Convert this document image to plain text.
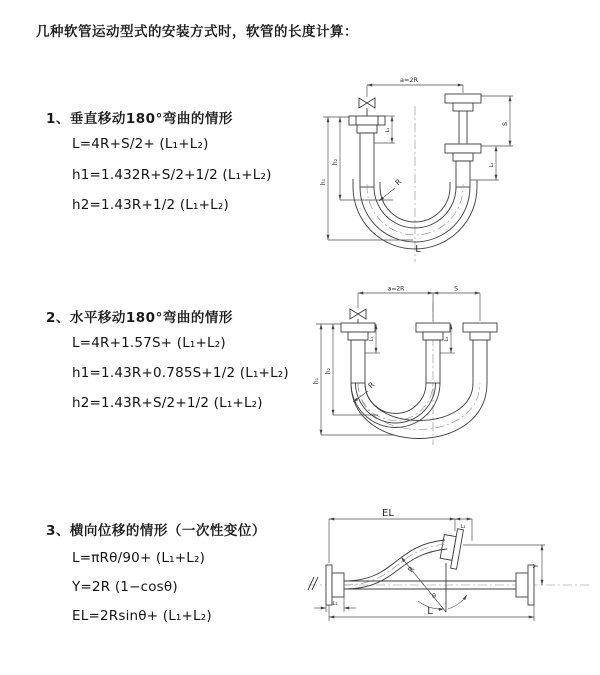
几种软管运动型式的安装方式时，软管的长度计算：
1、垂直移动180°弯曲的情形
L=4R+S/2+ (L₁+L₂)
h1=1.432R+S/2+1/2 (L₁+L₂)
h2=1.43R+1/2 (L₁+L₂)
2、水平移动180°弯曲的情形
L=4R+1.57S+ (L₁+L₂)
h1=1.43R+0.785S+1/2 (L₁+L₂)
h2=1.43R+S/2+1/2 (L₁+L₂)
3、横向位移的情形（一次性变位）
L=πRθ/90+ (L₁+L₂)
Y=2R (1−cosθ)
EL=2Rsinθ+ (L₁+L₂)
a=2R
S
L₂
L₁
h₁
h₂
R
L
a=2R	S
h₁
h₂
L₁	L₂
R
R
θ
EL
L₂
Y
L
L₁
